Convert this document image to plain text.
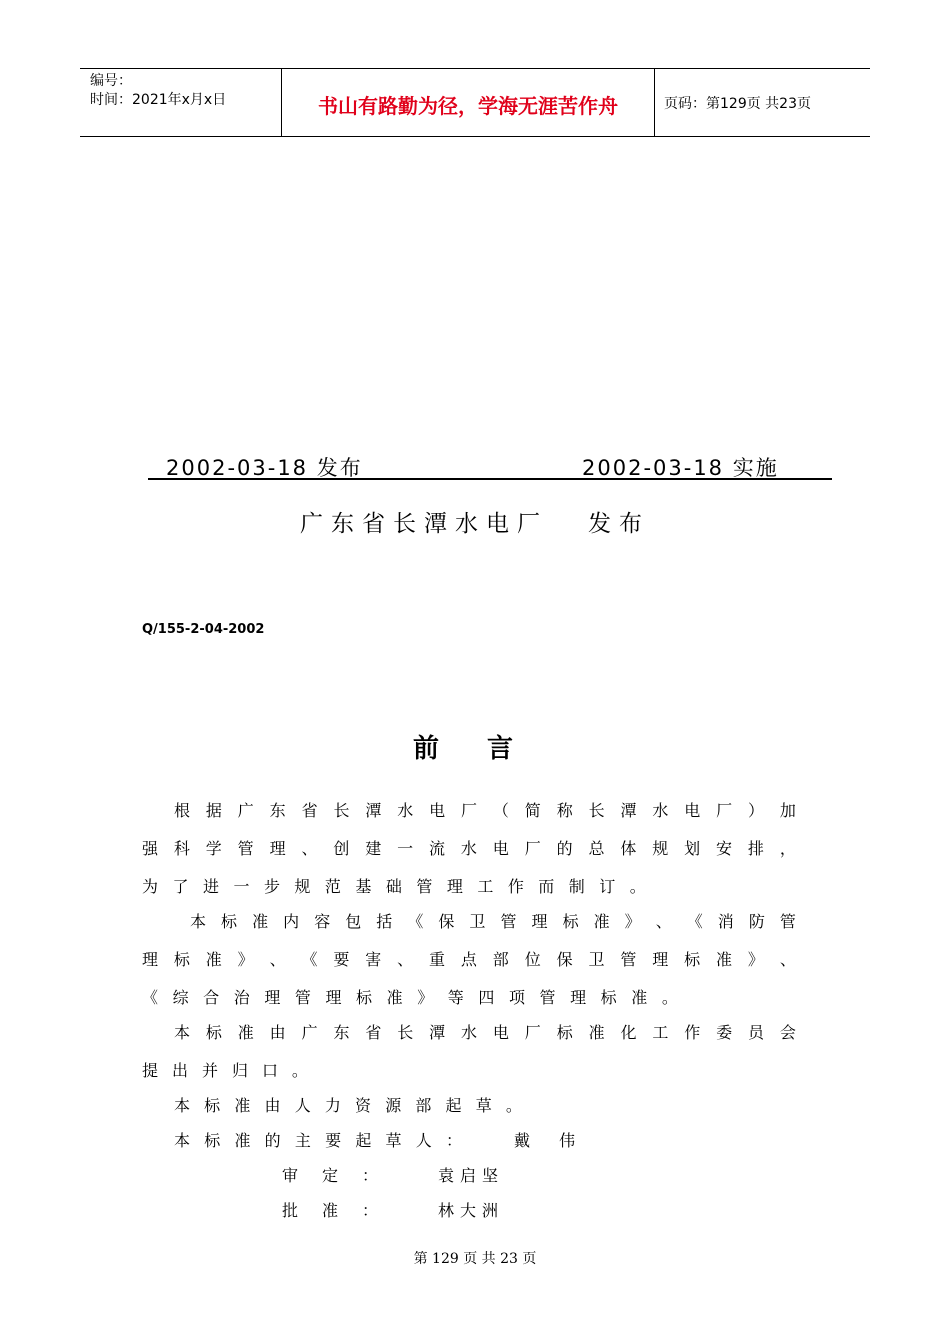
编号：
时间：2021年x月x日	书山有路勤为径，学海无涯苦作舟	页码：第129页 共23页
2002-03-18 发布	2002-03-18 实施
广东省长潭水电厂 发布
Q/155-2-04-2002
前言
根 据 广 东 省 长 潭 水 电 厂 （ 简 称 长 潭 水 电 厂 ） 加
强 科 学 管 理 、 创 建 一 流 水 电 厂 的 总 体 规 划 安 排 ，
为 了 进 一 步 规 范 基 础 管 理 工 作 而 制 订 。
本 标 准 内 容 包 括 《 保 卫 管 理 标 准 》 、 《 消 防 管
理 标 准 》 、 《 要 害 、 重 点 部 位 保 卫 管 理 标 准 》 、
《 综 合 治 理 管 理 标 准 》 等 四 项 管 理 标 准 。
本 标 准 由 广 东 省 长 潭 水 电 厂 标 准 化 工 作 委 员 会
提 出 并 归 口 。
本 标 准 由 人 力 资 源 部 起 草 。
本 标 准 的 主 要 起 草 人 ：	戴 伟
审 定 ：	袁启坚
批 准 ：	林大洲
第 129 页 共 23 页
